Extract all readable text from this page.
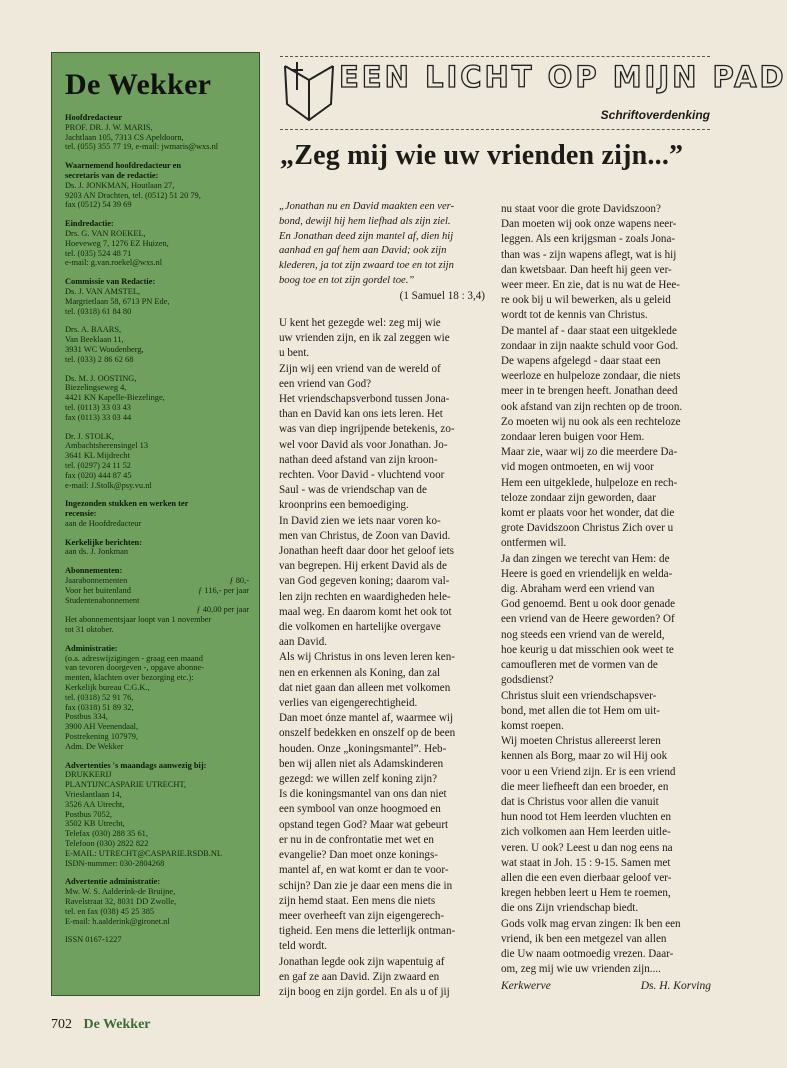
De Wekker
Hoofdredacteur
PROF. DR. J. W. MARIS,
Jachtlaan 105, 7313 CS Apeldoorn,
tel. (055) 355 77 19, e-mail: jwmaris@wxs.nl
Waarnemend hoofdredacteur en
secretaris van de redactie:
Ds. J. JONKMAN, Houtlaan 27,
9203 AN Drachten, tel. (0512) 51 20 79,
fax (0512) 54 39 69
Eindredactie:
Drs. G. VAN ROEKEL,
Hoeveweg 7, 1276 EZ Huizen,
tel. (035) 524 48 71
e-mail: g.van.roekel@wxs.nl
Commissie van Redactie:
Ds. J. VAN AMSTEL,
Margrietlaan 58, 6713 PN Ede,
tel. (0318) 61 84 80
Drs. A. BAARS,
Van Beeklaan 11,
3931 WC Woudenberg,
tel. (033) 2 86 62 68
Ds. M. J. OOSTING,
Biezelingseweg 4,
4421 KN Kapelle-Biezelinge,
tel. (0113) 33 03 43
fax (0113) 33 03 44
Dr. J. STOLK,
Ambachtsherensingel 13
3641 KL Mijdrecht
tel. (0297) 24 11 52
fax (020) 444 87 45
e-mail: J.Stolk@psy.vu.nl
Ingezonden stukken en werken ter
recensie:
aan de Hoofdredacteur
Kerkelijke berichten:
aan ds. J. Jonkman
Abonnementen:
Jaarabonnementen	ƒ 80,-
Voor het buitenland	ƒ 116,- per jaar
Studentenabonnement
ƒ 40,00 per jaar
Het abonnementsjaar loopt van 1 november
tot 31 oktober.
Administratie:
(o.a. adreswijzigingen - graag een maand
van tevoren doorgeven -, opgave abonne-
menten, klachten over bezorging etc.):
Kerkelijk bureau C.G.K.,
tel. (0318) 52 91 76,
fax (0318) 51 89 32,
Postbus 334,
3900 AH Veenendaal,
Postrekening 107979,
Adm. De Wekker
Advertenties 's maandags aanwezig bij:
DRUKKERIJ
PLANTIJNCASPARIE UTRECHT,
Vrieslantlaan 14,
3526 AA Utrecht,
Postbus 7052,
3502 KB Utrecht,
Telefax (030) 288 35 61,
Telefoon (030) 2822 822
E-MAIL: UTRECHT@CASPARIE.RSDB.NL
ISDN-nummer: 030-2804268
Advertentie administratie:
Mw. W. S. Aalderink-de Bruijne,
Ravelstraat 32, 8031 DD Zwolle,
tel. en fax (038) 45 25 385
E-mail: h.aalderink@gironet.nl
ISSN 0167-1227
EEN LICHT OP MIJN PAD
Schriftoverdenking
„Zeg mij wie uw vrienden zijn...”

„Jonathan nu en David maakten een ver-

bond, dewijl hij hem liefhad als zijn ziel.

En Jonathan deed zijn mantel af, dien hij

aanhad en gaf hem aan David; ook zijn

klederen, ja tot zijn zwaard toe en tot zijn

boog toe en tot zijn gordel toe.”

(1 Samuel 18 : 3,4)

U kent het gezegde wel: zeg mij wie

uw vrienden zijn, en ik zal zeggen wie

u bent.

Zijn wij een vriend van de wereld of

een vriend van God?

Het vriendschapsverbond tussen Jona-

than en David kan ons iets leren. Het

was van diep ingrijpende betekenis, zo-

wel voor David als voor Jonathan. Jo-

nathan deed afstand van zijn kroon-

rechten. Voor David - vluchtend voor

Saul - was de vriendschap van de

kroonprins een bemoediging.

In David zien we iets naar voren ko-

men van Christus, de Zoon van David.

Jonathan heeft daar door het geloof iets

van begrepen. Hij erkent David als de

van God gegeven koning; daarom val-

len zijn rechten en waardigheden hele-

maal weg. En daarom komt het ook tot

die volkomen en hartelijke overgave

aan David.

Als wij Christus in ons leven leren ken-

nen en erkennen als Koning, dan zal

dat niet gaan dan alleen met volkomen

verlies van eigengerechtigheid.

Dan moet ónze mantel af, waarmee wij

onszelf bedekken en onszelf op de been

houden. Onze „koningsmantel”. Heb-

ben wij allen niet als Adamskinderen

gezegd: we willen zelf koning zijn?

Is die koningsmantel van ons dan niet

een symbool van onze hoogmoed en

opstand tegen God? Maar wat gebeurt

er nu in de confrontatie met wet en

evangelie? Dan moet onze konings-

mantel af, en wat komt er dan te voor-

schijn? Dan zie je daar een mens die in

zijn hemd staat. Een mens die niets

meer overheeft van zijn eigengerech-

tigheid. Een mens die letterlijk ontman-

teld wordt.

Jonathan legde ook zijn wapentuig af

en gaf ze aan David. Zijn zwaard en

zijn boog en zijn gordel. En als u of jij

nu staat voor die grote Davidszoon?

Dan moeten wij ook onze wapens neer-

leggen. Als een krijgsman - zoals Jona-

than was - zijn wapens aflegt, wat is hij

dan kwetsbaar. Dan heeft hij geen ver-

weer meer. En zie, dat is nu wat de Hee-

re ook bij u wil bewerken, als u geleid

wordt tot de kennis van Christus.

De mantel af - daar staat een uitgeklede

zondaar in zijn naakte schuld voor God.

De wapens afgelegd - daar staat een

weerloze en hulpeloze zondaar, die niets

meer in te brengen heeft. Jonathan deed

ook afstand van zijn rechten op de troon.

Zo moeten wij nu ook als een rechteloze

zondaar leren buigen voor Hem.

Maar zie, waar wij zo die meerdere Da-

vid mogen ontmoeten, en wij voor

Hem een uitgeklede, hulpeloze en rech-

teloze zondaar zijn geworden, daar

komt er plaats voor het wonder, dat die

grote Davidszoon Christus Zich over u

ontfermen wil.

Ja dan zingen we terecht van Hem: de

Heere is goed en vriendelijk en welda-

dig. Abraham werd een vriend van

God genoemd. Bent u ook door genade

een vriend van de Heere geworden? Of

nog steeds een vriend van de wereld,

hoe keurig u dat misschien ook weet te

camoufleren met de vormen van de

godsdienst?

Christus sluit een vriendschapsver-

bond, met allen die tot Hem om uit-

komst roepen.

Wij moeten Christus allereerst leren

kennen als Borg, maar zo wil Hij ook

voor u een Vriend zijn. Er is een vriend

die meer liefheeft dan een broeder, en

dat is Christus voor allen die vanuit

hun nood tot Hem leerden vluchten en

zich volkomen aan Hem leerden uitle-

veren. U ook? Leest u dan nog eens na

wat staat in Joh. 15 : 9-15. Samen met

allen die een even dierbaar geloof ver-

kregen hebben leert u Hem te roemen,

die ons Zijn vriendschap biedt.

Gods volk mag ervan zingen: Ik ben een

vriend, ik ben een metgezel van allen

die Uw naam ootmoedig vrezen. Daar-

om, zeg mij wie uw vrienden zijn....

Kerkwerve	Ds. H. Korving
702 De Wekker
